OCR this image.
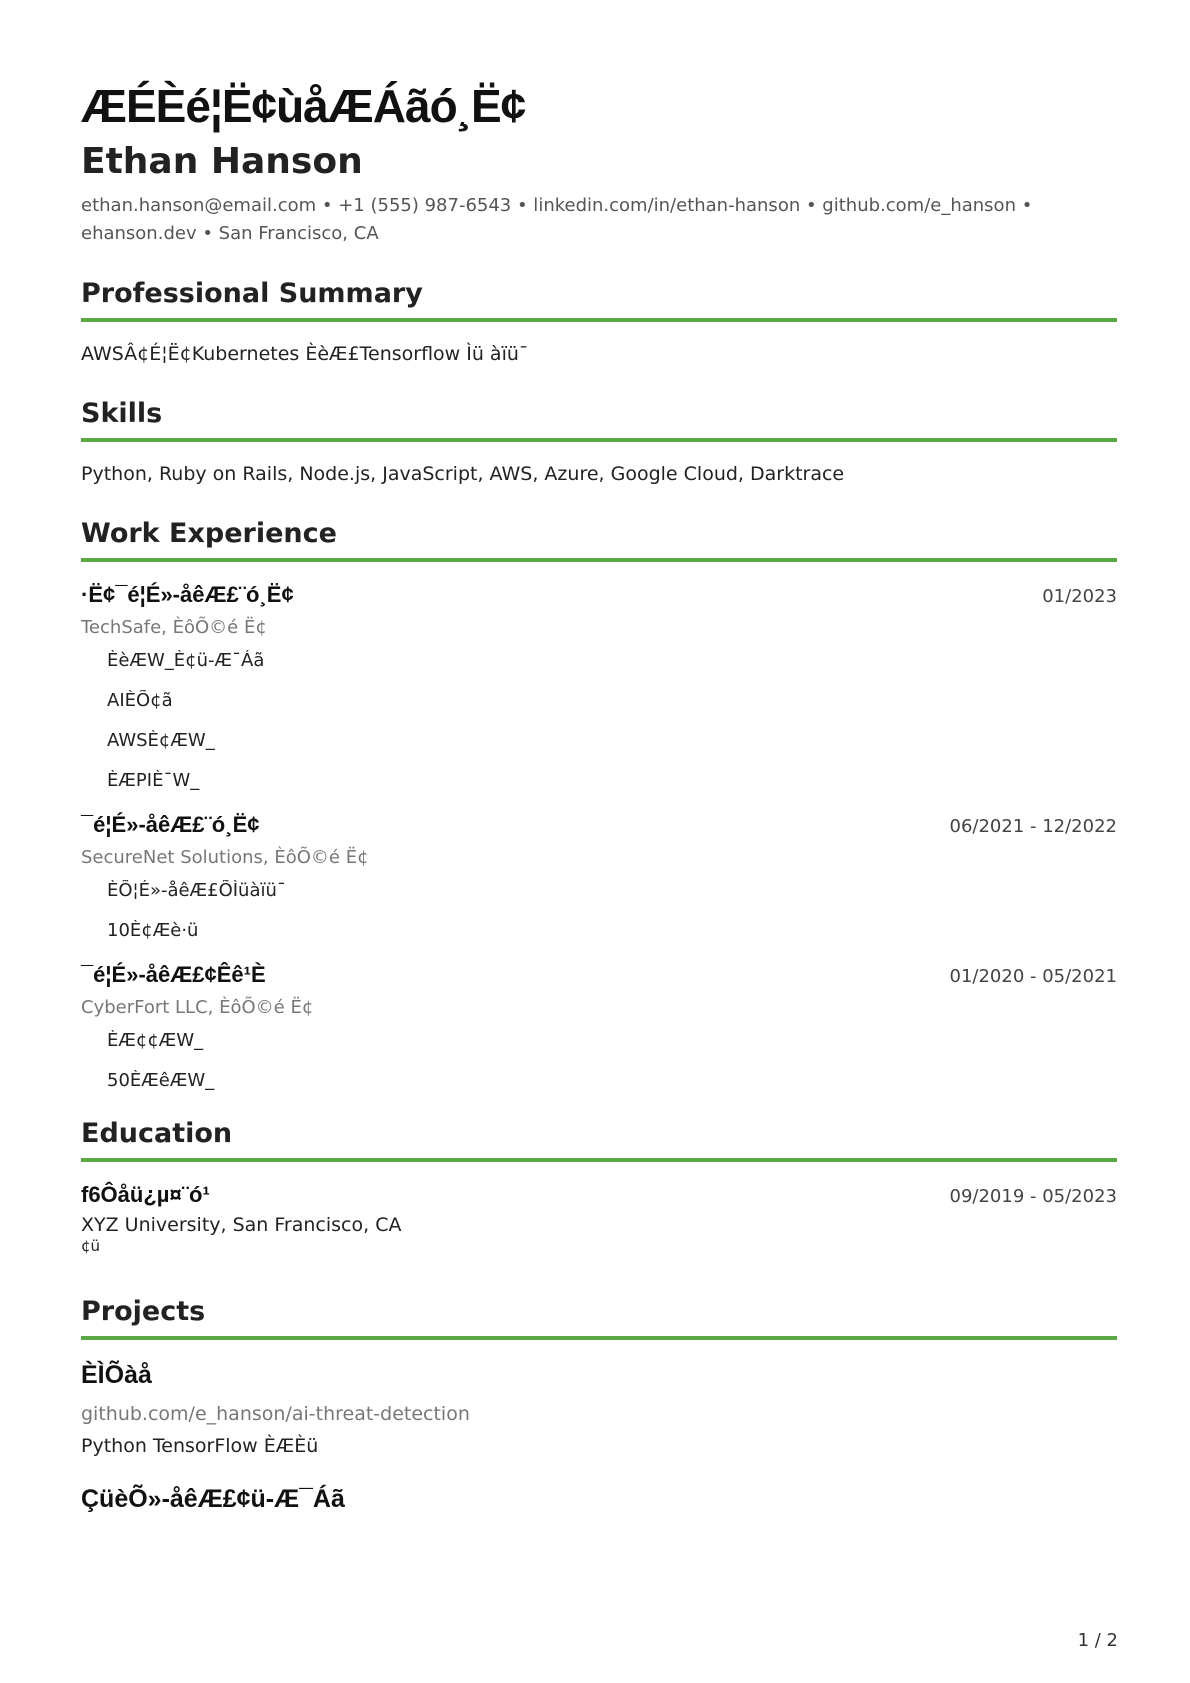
ÆÉÈé¦Ë¢ùåÆÁãó¸Ë¢
Ethan Hanson
ethan.hanson@email.com • +1 (555) 987-6543 • linkedin.com/in/ethan-hanson • github.com/e_hanson •
ehanson.dev • San Francisco, CA
Professional Summary
AWSÂ¢É¦Ë¢Kubernetes ÈèÆ£Tensorflow Ìü àïü¯
Skills
Python, Ruby on Rails, Node.js, JavaScript, AWS, Azure, Google Cloud, Darktrace
Work Experience
·Ë¢¯é¦É»-åêÆ£¨ó¸Ë¢	01/2023
TechSafe, ÈôÕ©é Ë¢
• ÈèÆW_È¢ü-Æ¯Áã
• AIÈÕ¢ã
• AWSÈ¢ÆW_
• ÈÆPIÈ¯W_
¯é¦É»-åêÆ£¨ó¸Ë¢	06/2021 - 12/2022
SecureNet Solutions, ÈôÕ©é Ë¢
• ÈÕ¦É»-åêÆ£ÕÌüàïü¯
• 10È¢Æè·ü
¯é¦É»-åêÆ£¢Êê¹È	01/2020 - 05/2021
CyberFort LLC, ÈôÕ©é Ë¢
• ÈÆ¢¢ÆW_
• 50ÈÆêÆW_
Education
f6Ôåü¿µ¤¨ó¹	09/2019 - 05/2023
XYZ University, San Francisco, CA
¢ü
Projects
ÈÌÕàå
github.com/e_hanson/ai-threat-detection
Python TensorFlow ÈÆÈü
ÇüèÕ»-åêÆ£¢ü-Æ¯Áã
1 / 2
